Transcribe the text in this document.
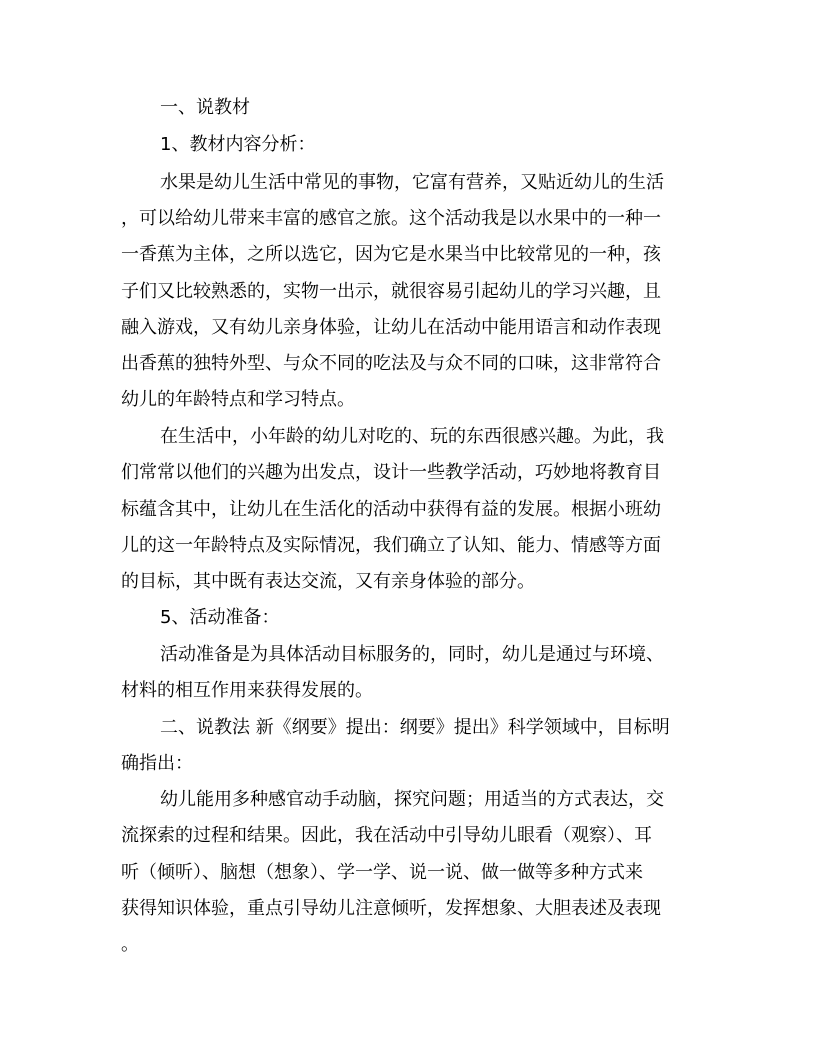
一、说教材
1、教材内容分析：
水果是幼儿生活中常见的事物，它富有营养，又贴近幼儿的生活
，可以给幼儿带来丰富的感官之旅。这个活动我是以水果中的一种一
一香蕉为主体，之所以选它，因为它是水果当中比较常见的一种，孩
子们又比较熟悉的，实物一出示，就很容易引起幼儿的学习兴趣，且
融入游戏，又有幼儿亲身体验，让幼儿在活动中能用语言和动作表现
出香蕉的独特外型、与众不同的吃法及与众不同的口味，这非常符合
幼儿的年龄特点和学习特点。
在生活中，小年龄的幼儿对吃的、玩的东西很感兴趣。为此，我
们常常以他们的兴趣为出发点，设计一些教学活动，巧妙地将教育目
标蕴含其中，让幼儿在生活化的活动中获得有益的发展。根据小班幼
儿的这一年龄特点及实际情况，我们确立了认知、能力、情感等方面
的目标，其中既有表达交流，又有亲身体验的部分。
5、活动准备：
活动准备是为具体活动目标服务的，同时，幼儿是通过与环境、
材料的相互作用来获得发展的。
二、说教法 新《纲要》提出：纲要》提出》科学领域中，目标明
确指出：
幼儿能用多种感官动手动脑，探究问题；用适当的方式表达，交
流探索的过程和结果。因此，我在活动中引导幼儿眼看（观察）、耳
听（倾听）、脑想（想象）、学一学、说一说、做一做等多种方式来
获得知识体验，重点引导幼儿注意倾听，发挥想象、大胆表述及表现
。
